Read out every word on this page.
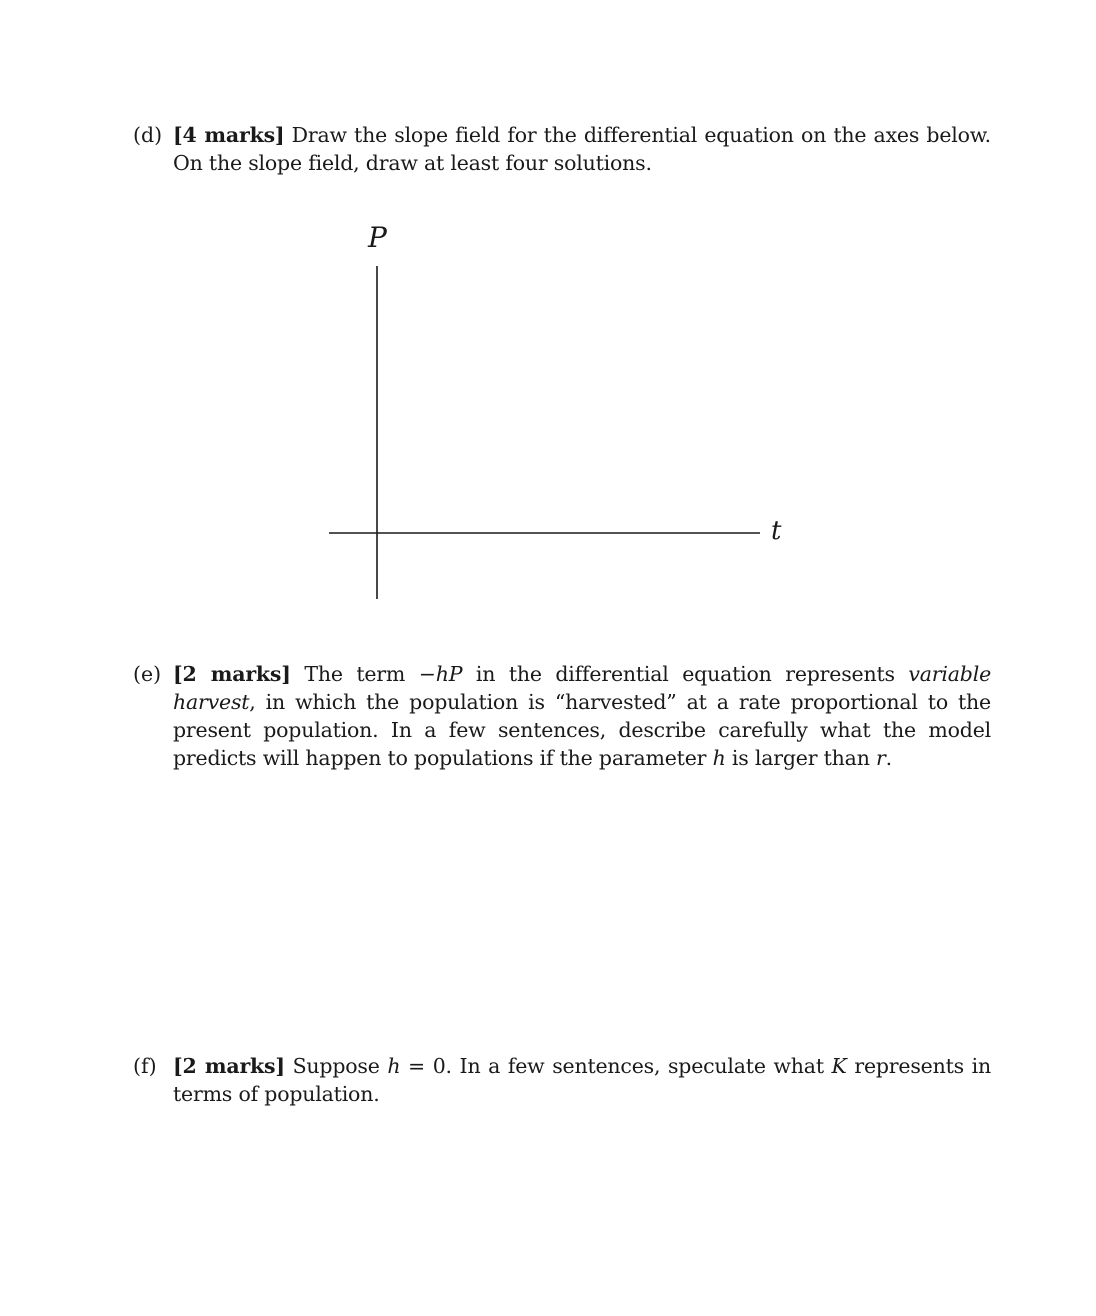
(d) [4 marks] Draw the slope field for the differential equation on the axes below. On the slope field, draw at least four solutions.
P
t
(e) [2 marks] The term −hP in the differential equation represents variable harvest, in which the population is “harvested” at a rate proportional to the present population. In a few sentences, describe carefully what the model predicts will happen to populations if the parameter h is larger than r.
(f) [2 marks] Suppose h = 0. In a few sentences, speculate what K represents in terms of population.
